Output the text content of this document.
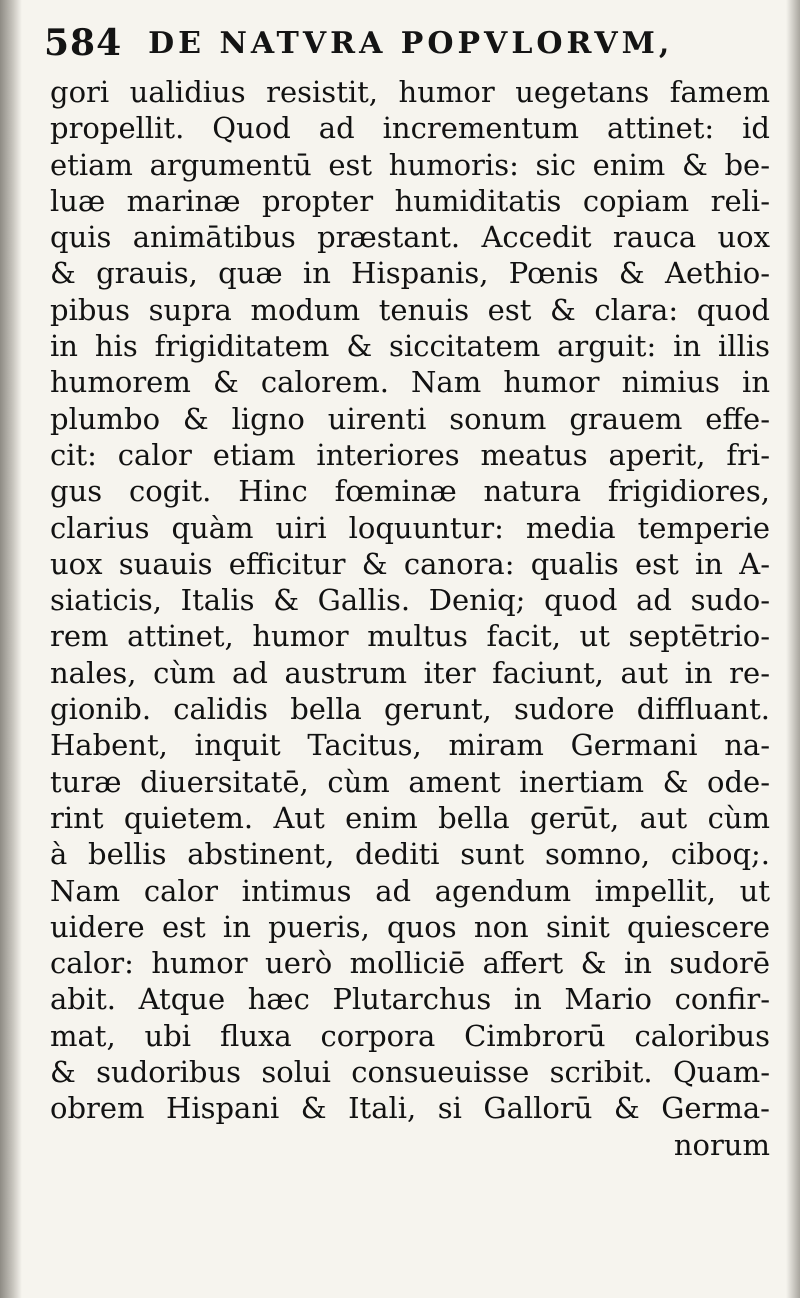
584 DE NATVRA POPVLORVM,
gori ualidius resistit, humor uegetans famem
propellit. Quod ad incrementum attinet: id
etiam argumentū est humoris: sic enim & be-
luæ marinæ propter humiditatis copiam reli-
quis animātibus præstant. Accedit rauca uox
& grauis, quæ in Hispanis, Pœnis & Aethio-
pibus supra modum tenuis est & clara: quod
in his frigiditatem & siccitatem arguit: in illis
humorem & calorem. Nam humor nimius in
plumbo & ligno uirenti sonum grauem effe-
cit: calor etiam interiores meatus aperit, fri-
gus cogit. Hinc fœminæ natura frigidiores,
clarius quàm uiri loquuntur: media temperie
uox suauis efficitur & canora: qualis est in A-
siaticis, Italis & Gallis. Deniq; quod ad sudo-
rem attinet, humor multus facit, ut septētrio-
nales, cùm ad austrum iter faciunt, aut in re-
gionib. calidis bella gerunt, sudore diffluant.
Habent, inquit Tacitus, miram Germani na-
turæ diuersitatē, cùm ament inertiam & ode-
rint quietem. Aut enim bella gerūt, aut cùm
à bellis abstinent, dediti sunt somno, ciboq;.
Nam calor intimus ad agendum impellit, ut
uidere est in pueris, quos non sinit quiescere
calor: humor uerò molliciē affert & in sudorē
abit. Atque hæc Plutarchus in Mario confir-
mat, ubi fluxa corpora Cimbrorū caloribus
& sudoribus solui consueuisse scribit. Quam-
obrem Hispani & Itali, si Gallorū & Germa-
norum
